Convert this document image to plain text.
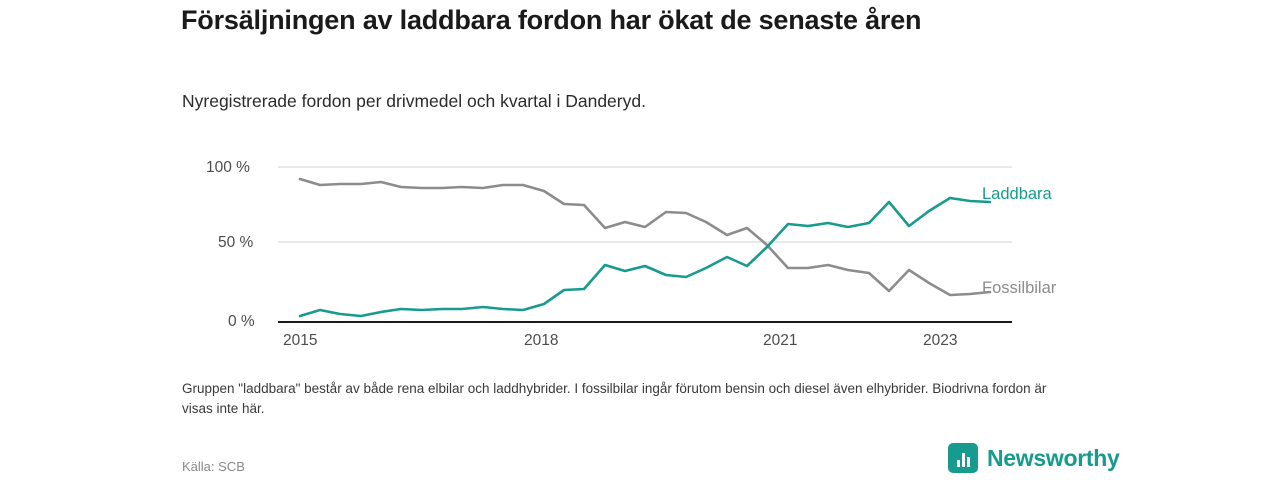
Försäljningen av laddbara fordon har ökat de senaste åren
Nyregistrerade fordon per drivmedel och kvartal i Danderyd.
100 %
50 %
0 %
2015	2018	2021	2023
Laddbara
Fossilbilar
Gruppen "laddbara" består av både rena elbilar och laddhybrider. I fossilbilar ingår förutom bensin och diesel även elhybrider. Biodrivna fordon är visas inte här.
Källa: SCB	Newsworthy
